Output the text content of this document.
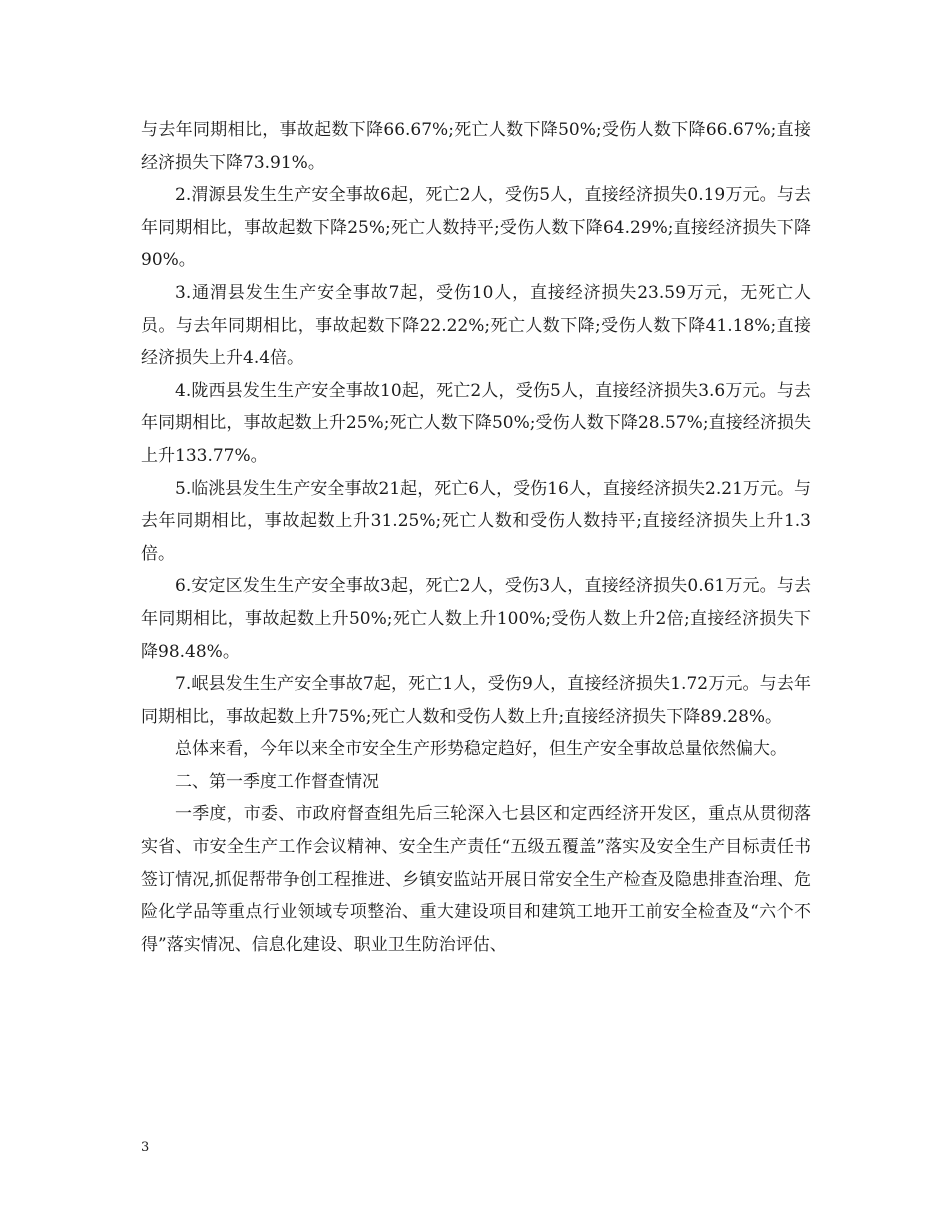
与去年同期相比，事故起数下降66.67%;死亡人数下降50%;受伤人数下降66.67%;直接经济损失下降73.91%。

2.渭源县发生生产安全事故6起，死亡2人，受伤5人，直接经济损失0.19万元。与去年同期相比，事故起数下降25%;死亡人数持平;受伤人数下降64.29%;直接经济损失下降90%。

3.通渭县发生生产安全事故7起，受伤10人，直接经济损失23.59万元，无死亡人员。与去年同期相比，事故起数下降22.22%;死亡人数下降;受伤人数下降41.18%;直接经济损失上升4.4倍。

4.陇西县发生生产安全事故10起，死亡2人，受伤5人，直接经济损失3.6万元。与去年同期相比，事故起数上升25%;死亡人数下降50%;受伤人数下降28.57%;直接经济损失上升133.77%。

5.临洮县发生生产安全事故21起，死亡6人，受伤16人，直接经济损失2.21万元。与去年同期相比，事故起数上升31.25%;死亡人数和受伤人数持平;直接经济损失上升1.3倍。

6.安定区发生生产安全事故3起，死亡2人，受伤3人，直接经济损失0.61万元。与去年同期相比，事故起数上升50%;死亡人数上升100%;受伤人数上升2倍;直接经济损失下降98.48%。

7.岷县发生生产安全事故7起，死亡1人，受伤9人，直接经济损失1.72万元。与去年同期相比，事故起数上升75%;死亡人数和受伤人数上升;直接经济损失下降89.28%。

总体来看，今年以来全市安全生产形势稳定趋好，但生产安全事故总量依然偏大。

二、第一季度工作督查情况

一季度，市委、市政府督查组先后三轮深入七县区和定西经济开发区，重点从贯彻落实省、市安全生产工作会议精神、安全生产责任“五级五覆盖”落实及安全生产目标责任书签订情况,抓促帮带争创工程推进、乡镇安监站开展日常安全生产检查及隐患排查治理、危险化学品等重点行业领域专项整治、重大建设项目和建筑工地开工前安全检查及“六个不得”落实情况、信息化建设、职业卫生防治评估、

3
